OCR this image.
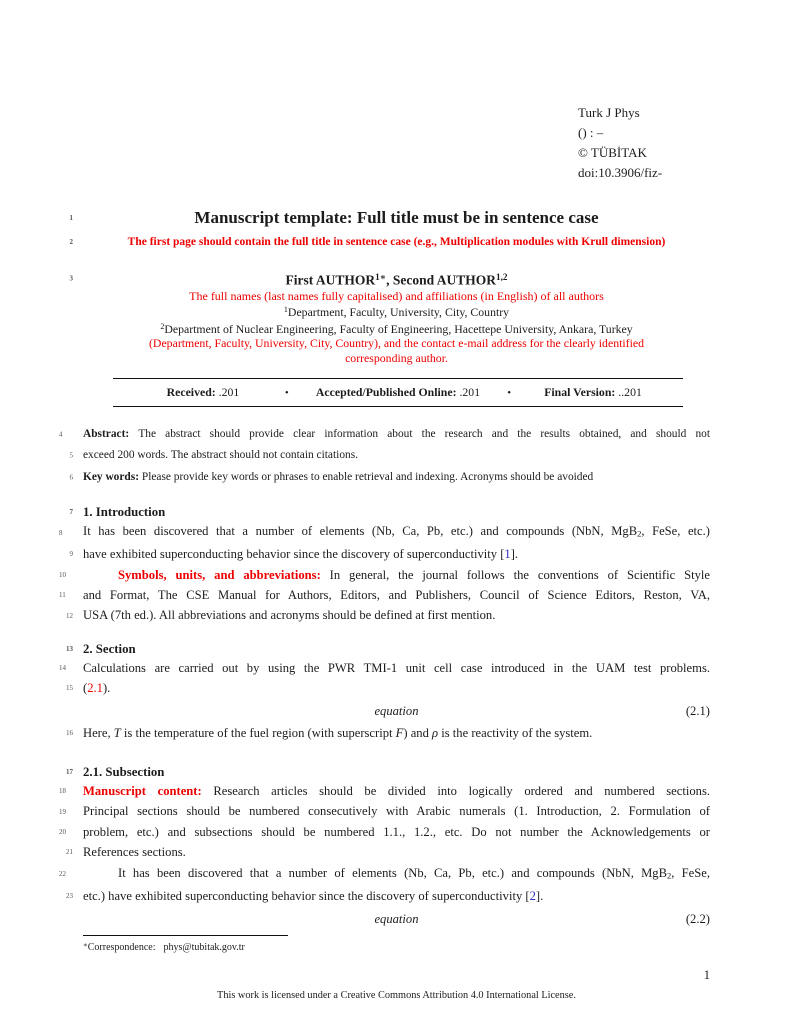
Turk J Phys
() : –
© TÜBİTAK
doi:10.3906/fiz-
1	Manuscript template: Full title must be in sentence case
2	The first page should contain the full title in sentence case (e.g., Multiplication modules with Krull dimension)
3	First $AUTHOR^{1∗}$, Second AUTHOR$^{1,2}$
The full names (last names fully capitalised) and affiliations (in English) of all authors
$^1$Department, Faculty, University, City, Country
$^2$Department of Nuclear Engineering, Faculty of Engineering, Hacettepe University, Ankara, Turkey
(Department, Faculty, University, City, Country), and the contact e-mail address for the clearly identified
corresponding author.
Received: .201	•	Accepted/Published Online: .201	•	Final Version: ..201
4	Abstract: The abstract should provide clear information about the research and the results obtained, and should not
5 exceed 200 words. The abstract should not contain citations.
6 Key words: Please provide key words or phrases to enable retrieval and indexing. Acronyms should be avoided
7 1. Introduction
8	It has been discovered that a number of elements (Nb, Ca, Pb, etc.) and compounds (NbN, MgB$_2$, FeSe, etc.)
9 have exhibited superconducting behavior since the discovery of superconductivity [1].
10	Symbols, units, and abbreviations: In general, the journal follows the conventions of Scientific Style
11	and Format, The CSE Manual for Authors, Editors, and Publishers, Council of Science Editors, Reston, VA,
12 USA (7th ed.). All abbreviations and acronyms should be defined at first mention.
13 2. Section
14	Calculations are carried out by using the PWR TMI-1 unit cell case introduced in the UAM test problems.
15 (2.1).
equation	(2.1)
16 Here, T is the temperature of the fuel region (with superscript F) and ρ is the reactivity of the system.
17 2.1. Subsection
18	Manuscript content: Research articles should be divided into logically ordered and numbered sections.
19	Principal sections should be numbered consecutively with Arabic numerals (1. Introduction, 2. Formulation of
20	problem, etc.) and subsections should be numbered 1.1., 1.2., etc. Do not number the Acknowledgements or
21 References sections.
22	It has been discovered that a number of elements (Nb, Ca, Pb, etc.) and compounds (NbN, MgB$_2$, FeSe,
23 etc.) have exhibited superconducting behavior since the discovery of superconductivity [2].
equation	(2.2)
∗Correspondence: phys@tubitak.gov.tr
1
This work is licensed under a Creative Commons Attribution 4.0 International License.
